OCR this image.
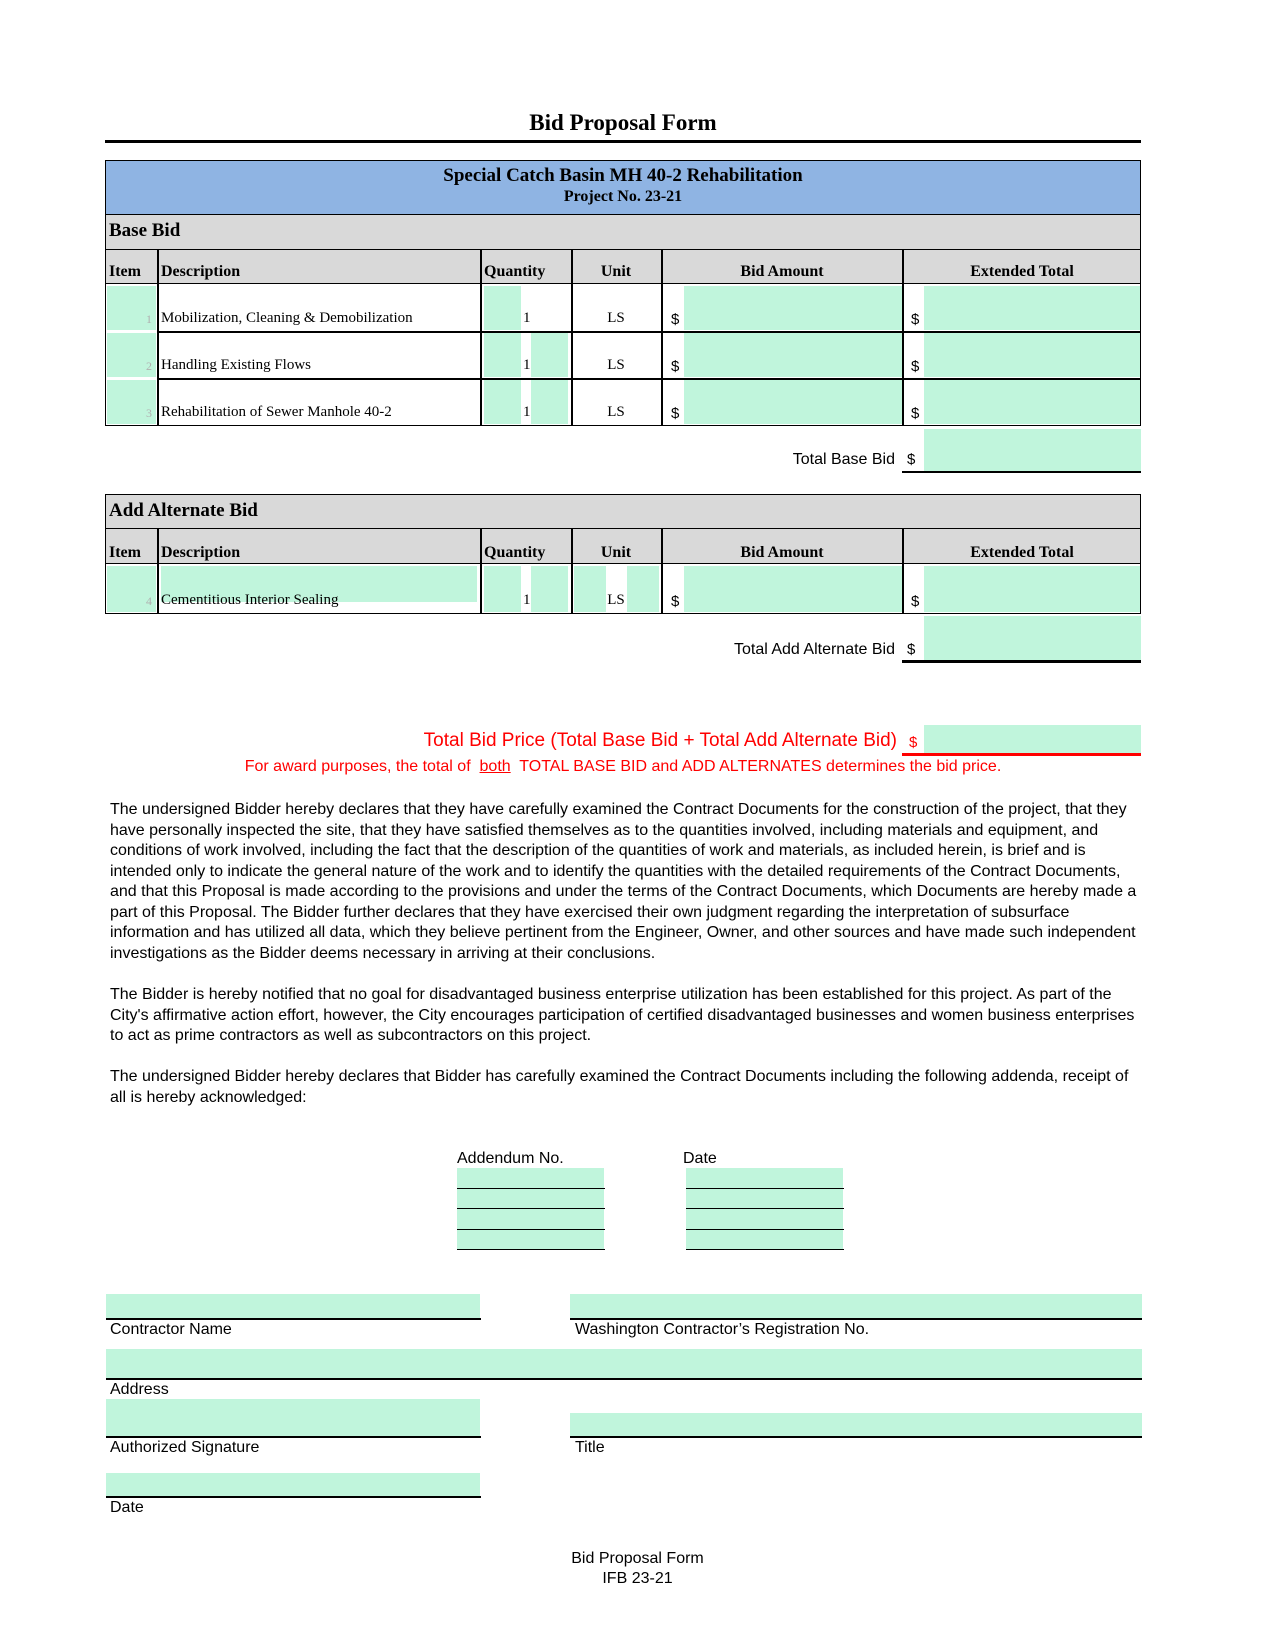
Bid Proposal Form
Special Catch Basin MH 40-2 Rehabilitation
Project No. 23-21
Base Bid
Item Description	Quantity	Unit	Bid Amount	Extended Total
1 Mobilization, Cleaning & Demobilization	1	LS	$	$
2 Handling Existing Flows	1	LS	$	$
3 Rehabilitation of Sewer Manhole 40-2	1	LS	$	$
Total Base Bid $
Add Alternate Bid
Item Description	Quantity	Unit	Bid Amount	Extended Total
4 Cementitious Interior Sealing	1	LS	$	$
Total Add Alternate Bid $
Total Bid Price (Total Base Bid + Total Add Alternate Bid) $
For award purposes, the total of both TOTAL BASE BID and ADD ALTERNATES determines the bid price.
The undersigned Bidder hereby declares that they have carefully examined the Contract Documents for the construction of the project, that they have personally inspected the site, that they have satisfied themselves as to the quantities involved, including materials and equipment, and conditions of work involved, including the fact that the description of the quantities of work and materials, as included herein, is brief and is intended only to indicate the general nature of the work and to identify the quantities with the detailed requirements of the Contract Documents, and that this Proposal is made according to the provisions and under the terms of the Contract Documents, which Documents are hereby made a part of this Proposal. The Bidder further declares that they have exercised their own judgment regarding the interpretation of subsurface information and has utilized all data, which they believe pertinent from the Engineer, Owner, and other sources and have made such independent investigations as the Bidder deems necessary in arriving at their conclusions.
The Bidder is hereby notified that no goal for disadvantaged business enterprise utilization has been established for this project. As part of the City's affirmative action effort, however, the City encourages participation of certified disadvantaged businesses and women business enterprises to act as prime contractors as well as subcontractors on this project.
The undersigned Bidder hereby declares that Bidder has carefully examined the Contract Documents including the following addenda, receipt of all is hereby acknowledged:
Addendum No.	Date
Contractor Name	Washington Contractor’s Registration No.
Address
Authorized Signature	Title
Date
Bid Proposal Form
IFB 23-21
